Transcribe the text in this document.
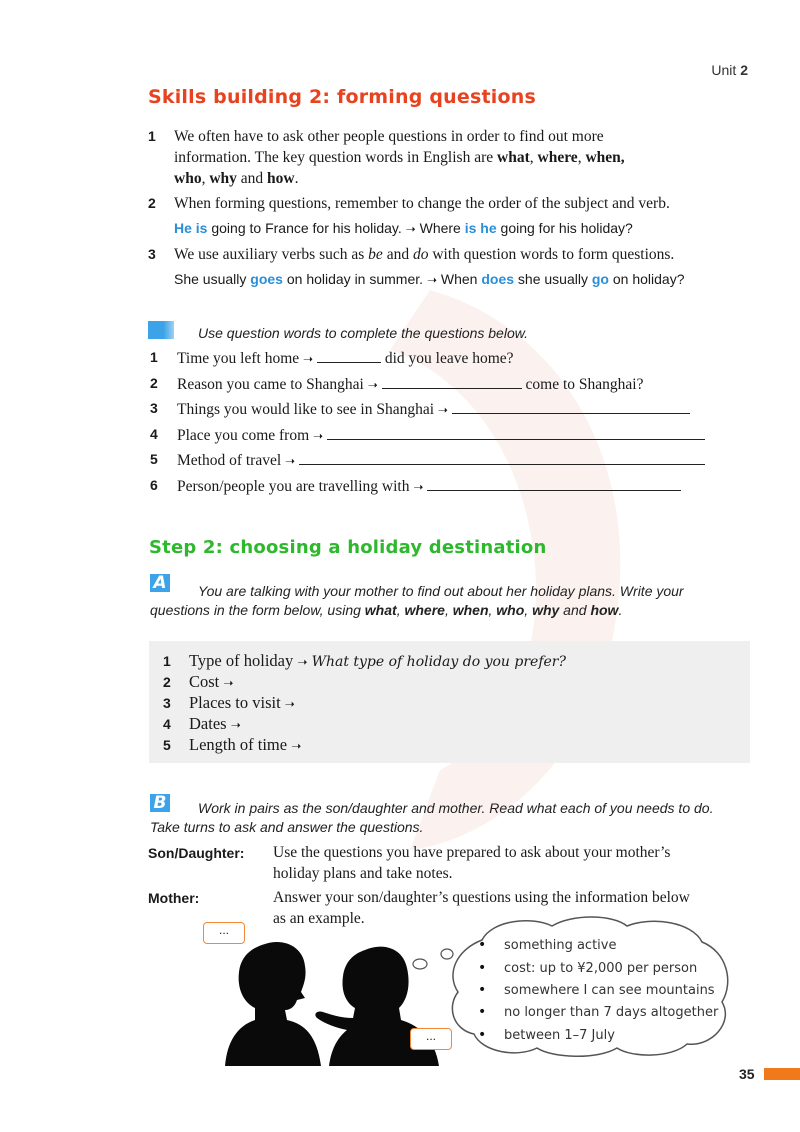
Unit 2
Skills building 2: forming questions
1 We often have to ask other people questions in order to find out more
information. The key question words in English are what, where, when,
who, why and how.
2 When forming questions, remember to change the order of the subject and verb.
He is going to France for his holiday. ➝ Where is he going for his holiday?
3 We use auxiliary verbs such as be and do with question words to form questions.
She usually goes on holiday in summer. ➝ When does she usually go on holiday?
Use question words to complete the questions below.
1 Time you left home ➝	did you leave home?
2 Reason you came to Shanghai ➝	come to Shanghai?
3 Things you would like to see in Shanghai ➝
4 Place you come from ➝
5 Method of travel ➝
6 Person/people you are travelling with ➝
Step 2: choosing a holiday destination
A You are talking with your mother to find out about her holiday plans. Write your
questions in the form below, using what, where, when, who, why and how.
1 Type of holiday ➝ What type of holiday do you prefer?
2 Cost ➝
3 Places to visit ➝
4 Dates ➝
5 Length of time ➝
B Work in pairs as the son/daughter and mother. Read what each of you needs to do.
Take turns to ask and answer the questions.
Son/Daughter: Use the questions you have prepared to ask about your mother’s
holiday plans and take notes.
Mother:	Answer your son/daughter’s questions using the information below
as an example.
...
...
• something active
• cost: up to ¥2,000 per person
• somewhere I can see mountains
• no longer than 7 days altogether
• between 1–7 July
35
